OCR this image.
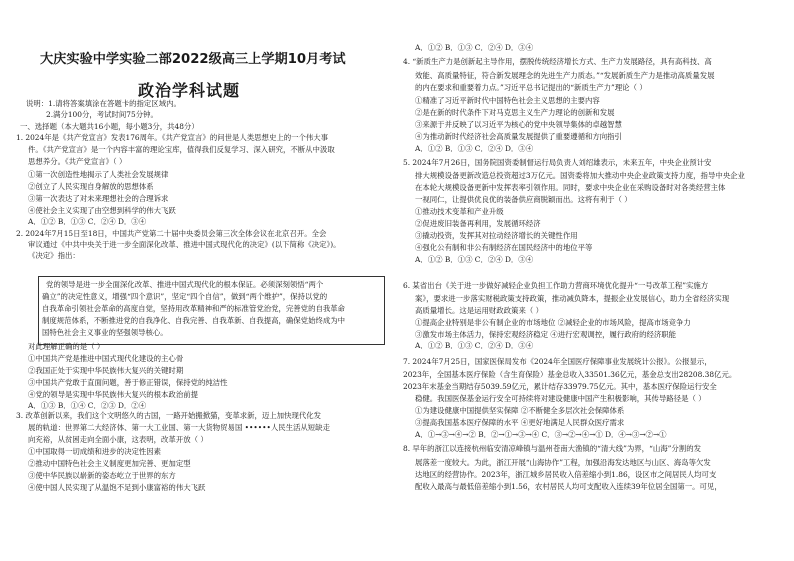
大庆实验中学实验二部2022级高三上学期10月考试
政治学科试题
说明：1.请将答案填涂在答题卡的指定区域内。
2.满分100分，考试时间75分钟。
一、选择题（本大题共16小题，每小题3分，共48分）
1. 2024年是《共产党宣言》发表176周年。《共产党宣言》的问世是人类思想史上的一个伟大事
件。《共产党宣言》是一个内容丰富的理论宝库，值得我们反复学习、深入研究，不断从中汲取
思想养分。《共产党宣言》（ ）
①第一次创造性地揭示了人类社会发展规律
②创立了人民实现自身解放的思想体系
③第一次表达了对未来理想社会的合理诉求
④使社会主义实现了由空想到科学的伟大飞跃
A．①② B．①③ C．②④ D．③④
2. 2024年7月15日至18日，中国共产党第二十届中央委员会第三次全体会议在北京召开。全会
审议通过《中共中央关于进一步全面深化改革、推进中国式现代化的决定》(以下简称《决定》)。
《决定》指出：
党的领导是进一步全面深化改革、推进中国式现代化的根本保证。必须深刻领悟“两个
确立”的决定性意义，增强“四个意识”，坚定“四个自信”，做到“两个维护”，保持以党的
自我革命引领社会革命的高度自觉，坚持用改革精神和严的标准管党治党，完善党的自我革命
制度规范体系，不断推进党的自我净化、自我完善、自我革新、自我提高，确保党始终成为中
国特色社会主义事业的坚强领导核心。
对此理解正确的是（ ）
①中国共产党是推进中国式现代化建设的主心骨
②我国正处于实现中华民族伟大复兴的关键时期
③中国共产党敢于直面问题，善于修正错误，保持党的纯洁性
④党的领导是实现中华民族伟大复兴的根本政治前提
A．①③ B．①④ C．②③ D．②④
3. 改革创新以来，我们这个文明悠久的古国，一路开始搬掀猫，变革求新，迈上加快现代化发
展的轨道：世界第二大经济体、第一大工业国、第一大货物贸易国 ••••••人民生活从短缺走
向充裕，从贫困走向全面小康，这表明，改革开放（ ）
①中国取得一切成绩和进步的决定性因素
②推动中国特色社会主义制度更加完善、更加定型
③使中华民族以崭新的姿态屹立于世界的东方
④使中国人民实现了从温饱不足到小康富裕的伟大飞跃
A．①② B．①③ C．②④ D．③④
4. “新质生产力是创新起主导作用，摆脱传统经济增长方式、生产力发展路径，具有高科技、高
效能、高质量特征，符合新发展理念的先进生产力质态。”“发展新质生产力是推动高质量发展
的内在要求和重要着力点。”习近平总书记提出的“新质生产力”理论（ ）
①精准了习近平新时代中国特色社会主义思想的主要内容
②是在新的时代条件下对马克思主义生产力理论的创新和发展
③来源于并反映了以习近平为核心的党中央领导集体的卓越智慧
④为推动新时代经济社会高质量发展提供了重要遵循和方向指引
A．①② B．①③ C．②④ D．③④
5. 2024年7月26日，国务院国资委制督运行局负责人刘绍雄表示，未来五年，中央企业预计安
排大规模设备更新改造总投资超过3万亿元。国资委将加大推动中央企业政策支持力度，指导中央企业
在本轮大规模设备更新中发挥表率引领作用。同时，要求中央企业在采购设备时对各类经营主体
一视同仁，让提供优良优的装备供应商脱颖而出。这将有利于（ ）
①推动技术变革和产业升级
②促进废旧装备再利用，发展循环经济
③撬动投资，发挥其对拉动经济增长的关键性作用
④强化公有制和非公有制经济在国民经济中的地位平等
A．①② B．①③ C．②④ D．③④
6. 某省出台《关于进一步做好减轻企业负担工作助力营商环境优化提升“一号改革工程”实施方
案》，要求进一步落实财税政策支持政策，推动减负降本，提振企业发展信心，助力全省经济实现
高质量增长。这是运用财政政策来（ ）
①提高企业特别是非公有制企业的市场地位 ②减轻企业的市场风险，提高市场竞争力
③激发市场主体活力，保持宏观经济稳定 ④进行宏观调控，履行政府的经济职能
A．①② B．①③ C．②④ D．③④
7. 2024年7月25日，国家医保局发布《2024年全国医疗保障事业发展统计公报》。公报显示，
2023年，全国基本医疗保险（含生育保险）基金总收入33501.36亿元，基金总支出28208.38亿元。
2023年末基金当期结存5039.59亿元，累计结存33979.75亿元。其中，基本医疗保险运行安全
稳健。我国医保基金运行安全可持续将对建设健康中国产生积极影响，其传导路径是（ ）
①为建设健康中国提供坚实保障 ②不断健全多层次社会保障体系
③提高我国基本医疗保障的水平 ④更好地满足人民群众医疗需求
A．①→③→④→② B．②→①→③→④ C．③→②→④→① D．④→③→②→①
8. 早年的浙江以连接杭州临安清凉峰镇与温州苍南大渔镇的“清大线”为界，“山海”分割的发
展落差一度较大。为此，浙江开展“山海协作”工程，加强沿海发达地区与山区、海岛等欠发
达地区的经营协作。2023年，浙江城乡居民收入倍差缩小到1.86，设区市之间居民人均可支
配收入最高与最低倍差缩小到1.56，农村居民人均可支配收入连续39年位居全国第一。可见，
